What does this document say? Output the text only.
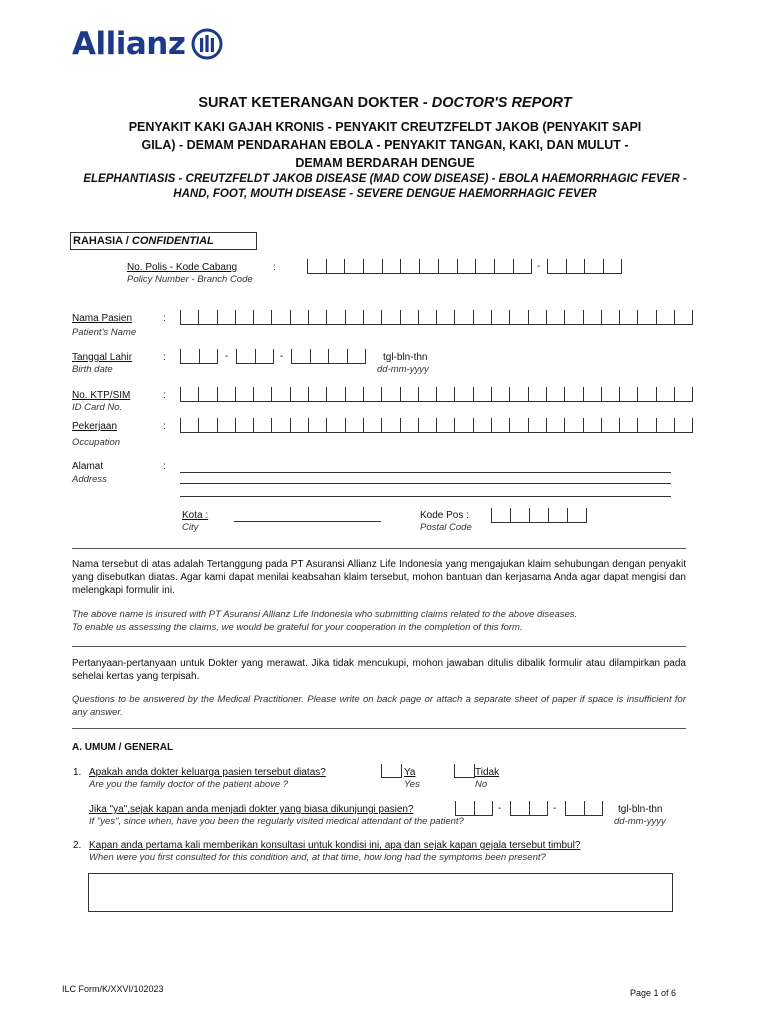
Allianz
SURAT KETERANGAN DOKTER - DOCTOR'S REPORT
PENYAKIT KAKI GAJAH KRONIS - PENYAKIT CREUTZFELDT JAKOB (PENYAKIT SAPI
GILA) - DEMAM PENDARAHAN EBOLA - PENYAKIT TANGAN, KAKI, DAN MULUT -
DEMAM BERDARAH DENGUE
ELEPHANTIASIS - CREUTZFELDT JAKOB DISEASE (MAD COW DISEASE) - EBOLA HAEMORRHAGIC FEVER -
HAND, FOOT, MOUTH DISEASE - SEVERE DENGUE HAEMORRHAGIC FEVER
RAHASIA / CONFIDENTIAL
No. Polis - Kode Cabang
Policy Number - Branch Code
:	-
Nama Pasien
Patient's Name
:
Tanggal Lahir
Birth date
:	-	-	tgl-bln-thn
dd-mm-yyyy
No. KTP/SIM
ID Card No.
:
Pekerjaan
Occupation
:
Alamat
Address
:
Kota :
City
Kode Pos :
Postal Code
Nama tersebut di atas adalah Tertanggung pada PT Asuransi Allianz Life Indonesia yang mengajukan klaim sehubungan dengan penyakit yang disebutkan diatas. Agar kami dapat menilai keabsahan klaim tersebut, mohon bantuan dan kerjasama Anda agar dapat mengisi dan melengkapi formulir ini.
The above name is insured with PT Asuransi Allianz Life Indonesia who submitting claims related to the above diseases.
To enable us assessing the claims, we would be grateful for your cooperation in the completion of this form.
Pertanyaan-pertanyaan untuk Dokter yang merawat. Jika tidak mencukupi, mohon jawaban ditulis dibalik formulir atau dilampirkan pada sehelai kertas yang terpisah.
Questions to be answered by the Medical Practitioner. Please write on back page or attach a separate sheet of paper if space is insufficient for any answer.
A. UMUM / GENERAL
1. Apakah anda dokter keluarga pasien tersebut diatas?
Are you the family doctor of the patient above ?
Ya
Yes
Tidak
No
Jika "ya",sejak kapan anda menjadi dokter yang biasa dikunjungi pasien?
If "yes", since when, have you been the regularly visited medical attendant of the patient?
-	-	tgl-bln-thn
dd-mm-yyyy
2. Kapan anda pertama kali memberikan konsultasi untuk kondisi ini, apa dan sejak kapan gejala tersebut timbul?
When were you first consulted for this condition and, at that time, how long had the symptoms been present?
ILC Form/K/XXVI/102023	Page 1 of 6
